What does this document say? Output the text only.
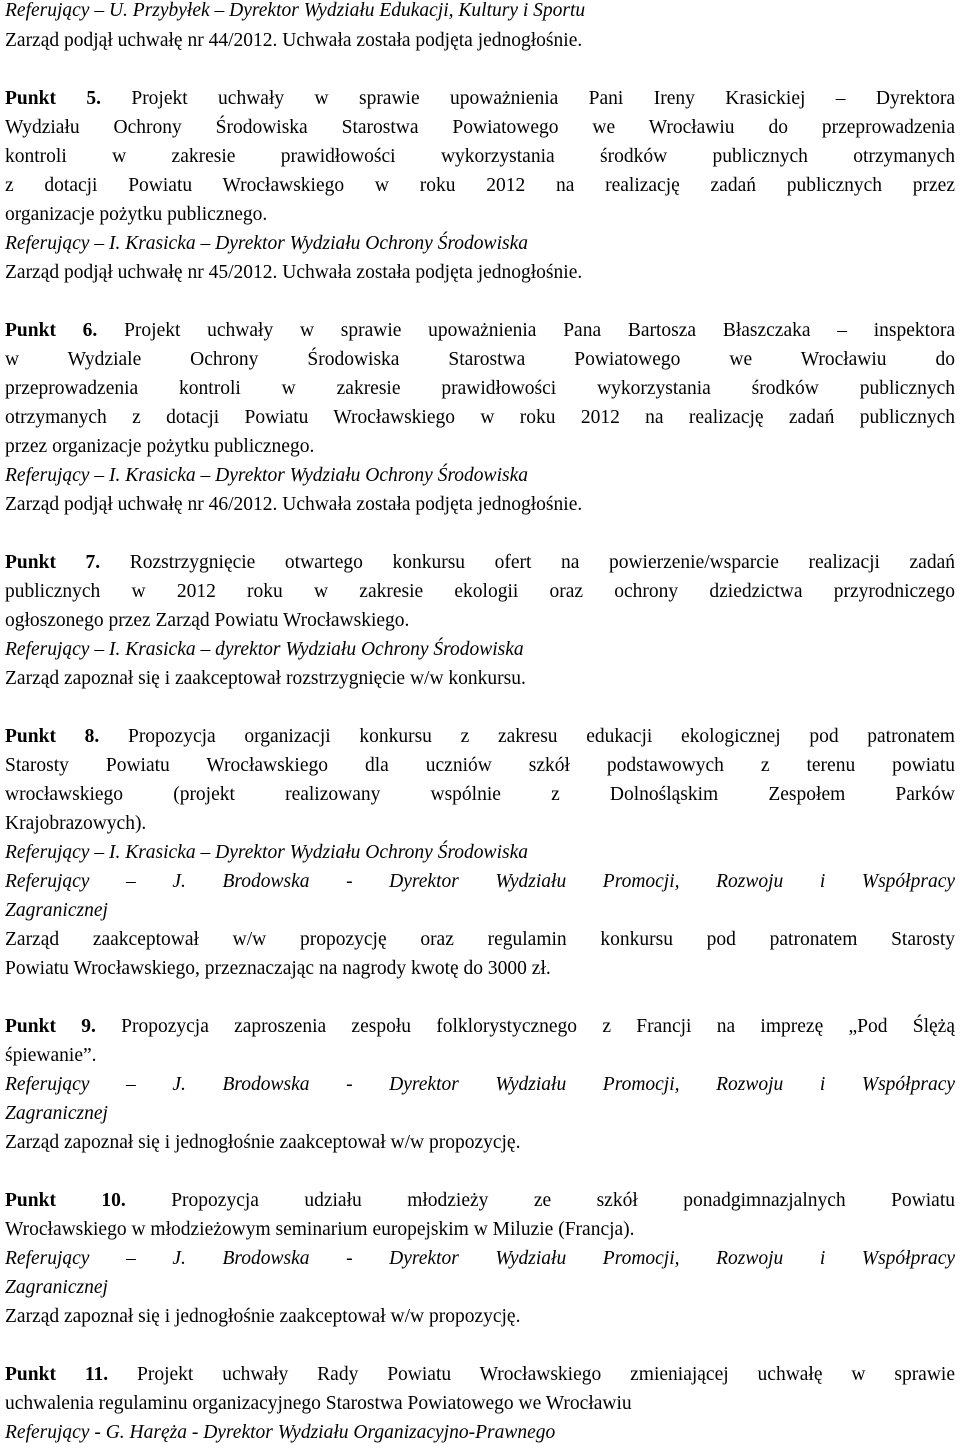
Referujący – U. Przybyłek – Dyrektor Wydziału Edukacji, Kultury i Sportu
Zarząd podjął uchwałę nr 44/2012. Uchwała została podjęta jednogłośnie.
Punkt 5. Projekt uchwały w sprawie upoważnienia Pani Ireny Krasickiej – Dyrektora
Wydziału Ochrony Środowiska Starostwa Powiatowego we Wrocławiu do przeprowadzenia
kontroli w zakresie prawidłowości wykorzystania środków publicznych otrzymanych
z dotacji Powiatu Wrocławskiego w roku 2012 na realizację zadań publicznych przez
organizacje pożytku publicznego.
Referujący – I. Krasicka – Dyrektor Wydziału Ochrony Środowiska
Zarząd podjął uchwałę nr 45/2012. Uchwała została podjęta jednogłośnie.
Punkt 6. Projekt uchwały w sprawie upoważnienia Pana Bartosza Błaszczaka – inspektora
w Wydziale Ochrony Środowiska Starostwa Powiatowego we Wrocławiu do
przeprowadzenia kontroli w zakresie prawidłowości wykorzystania środków publicznych
otrzymanych z dotacji Powiatu Wrocławskiego w roku 2012 na realizację zadań publicznych
przez organizacje pożytku publicznego.
Referujący – I. Krasicka – Dyrektor Wydziału Ochrony Środowiska
Zarząd podjął uchwałę nr 46/2012. Uchwała została podjęta jednogłośnie.
Punkt 7. Rozstrzygnięcie otwartego konkursu ofert na powierzenie/wsparcie realizacji zadań
publicznych w 2012 roku w zakresie ekologii oraz ochrony dziedzictwa przyrodniczego
ogłoszonego przez Zarząd Powiatu Wrocławskiego.
Referujący – I. Krasicka – dyrektor Wydziału Ochrony Środowiska
Zarząd zapoznał się i zaakceptował rozstrzygnięcie w/w konkursu.
Punkt 8. Propozycja organizacji konkursu z zakresu edukacji ekologicznej pod patronatem
Starosty Powiatu Wrocławskiego dla uczniów szkół podstawowych z terenu powiatu
wrocławskiego (projekt realizowany wspólnie z Dolnośląskim Zespołem Parków
Krajobrazowych).
Referujący – I. Krasicka – Dyrektor Wydziału Ochrony Środowiska
Referujący – J. Brodowska - Dyrektor Wydziału Promocji, Rozwoju i Współpracy
Zagranicznej
Zarząd zaakceptował w/w propozycję oraz regulamin konkursu pod patronatem Starosty
Powiatu Wrocławskiego, przeznaczając na nagrody kwotę do 3000 zł.
Punkt 9. Propozycja zaproszenia zespołu folklorystycznego z Francji na imprezę „Pod Ślężą
śpiewanie”.
Referujący – J. Brodowska - Dyrektor Wydziału Promocji, Rozwoju i Współpracy
Zagranicznej
Zarząd zapoznał się i jednogłośnie zaakceptował w/w propozycję.
Punkt 10. Propozycja udziału młodzieży ze szkół ponadgimnazjalnych Powiatu
Wrocławskiego w młodzieżowym seminarium europejskim w Miluzie (Francja).
Referujący – J. Brodowska - Dyrektor Wydziału Promocji, Rozwoju i Współpracy
Zagranicznej
Zarząd zapoznał się i jednogłośnie zaakceptował w/w propozycję.
Punkt 11. Projekt uchwały Rady Powiatu Wrocławskiego zmieniającej uchwałę w sprawie
uchwalenia regulaminu organizacyjnego Starostwa Powiatowego we Wrocławiu
Referujący - G. Haręża - Dyrektor Wydziału Organizacyjno-Prawnego
